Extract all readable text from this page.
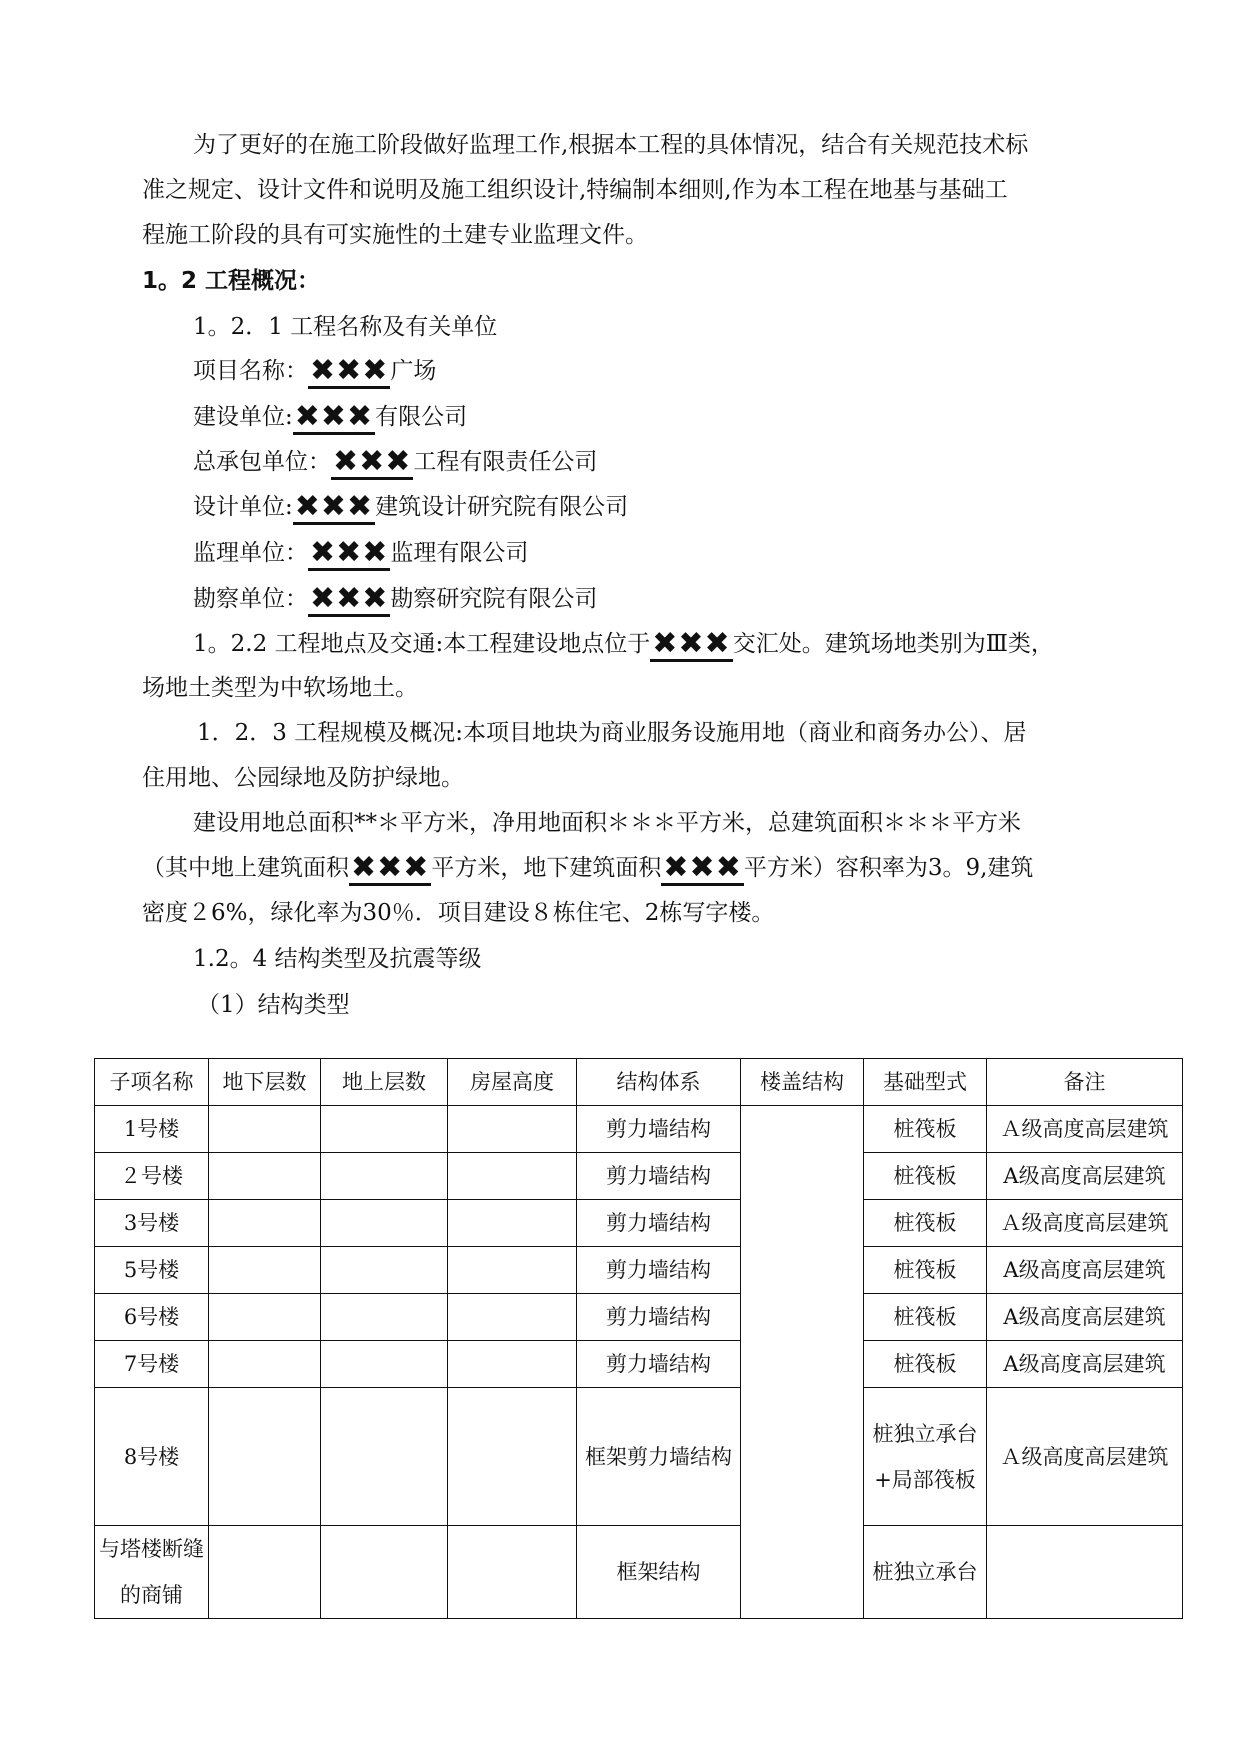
为了更好的在施工阶段做好监理工作,根据本工程的具体情况，结合有关规范技术标
准之规定、设计文件和说明及施工组织设计,特编制本细则,作为本工程在地基与基础工
程施工阶段的具有可实施性的土建专业监理文件。
1。2 工程概况：
1。2．1 工程名称及有关单位
项目名称：✖✖✖广场
建设单位:✖✖✖有限公司
总承包单位：✖✖✖工程有限责任公司
设计单位:✖✖✖建筑设计研究院有限公司
监理单位：✖✖✖监理有限公司
勘察单位：✖✖✖勘察研究院有限公司
1。2.2 工程地点及交通:本工程建设地点位于✖✖✖交汇处。建筑场地类别为Ⅲ类，
场地土类型为中软场地土。
1．2．3 工程规模及概况:本项目地块为商业服务设施用地（商业和商务办公）、居
住用地、公园绿地及防护绿地。
建设用地总面积**＊平方米，净用地面积＊＊＊平方米，总建筑面积＊＊＊平方米
（其中地上建筑面积✖✖✖平方米，地下建筑面积✖✖✖平方米）容积率为3。9,建筑
密度２6%，绿化率为30％．项目建设８栋住宅、2栋写字楼。
1.2。4 结构类型及抗震等级
（1）结构类型
子项名称	地下层数	地上层数	房屋高度	结构体系	楼盖结构	基础型式	备注
1号楼				剪力墙结构		桩筏板	Ａ级高度高层建筑
２号楼				剪力墙结构		桩筏板	A级高度高层建筑
3号楼				剪力墙结构		桩筏板	Ａ级高度高层建筑
5号楼				剪力墙结构		桩筏板	A级高度高层建筑
6号楼				剪力墙结构		桩筏板	A级高度高层建筑
7号楼				剪力墙结构		桩筏板	A级高度高层建筑
8号楼				框架剪力墙结构		桩独立承台+局部筏板	Ａ级高度高层建筑

与塔楼断缝的商铺				框架结构		桩独立承台	
